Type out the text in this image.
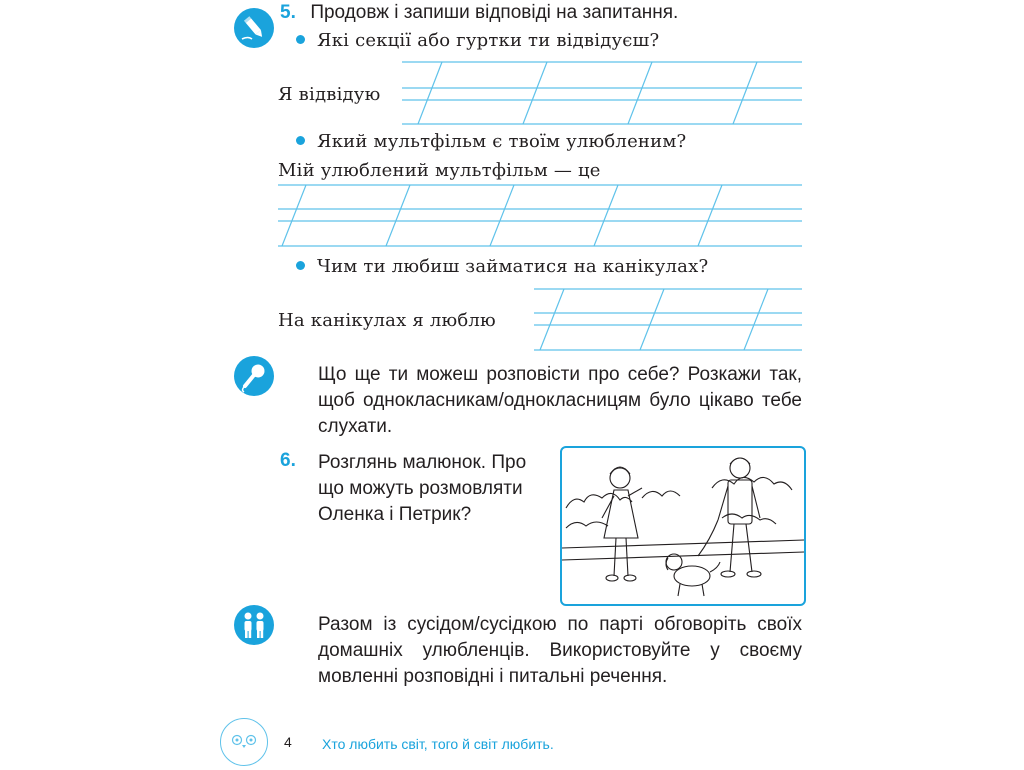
5. Продовж і запиши відповіді на запитання.
Які секції або гуртки ти відвідуєш?
Я відвідую
Який мультфільм є твоїм улюбленим?
Мій улюблений мультфільм — це
Чим ти любиш займатися на канікулах?
На канікулах я люблю
Що ще ти можеш розповісти про себе? Розкажи так, щоб однокласникам/однокласницям було цікаво тебе слухати.
6. Розглянь малюнок. Про що можуть розмовляти Оленка і Петрик?
Разом із сусідом/сусідкою по парті обговоріть своїх домашніх улюбленців. Використовуйте у своєму мовленні розповідні і питальні речення.
4 Хто любить світ, того й світ любить.
